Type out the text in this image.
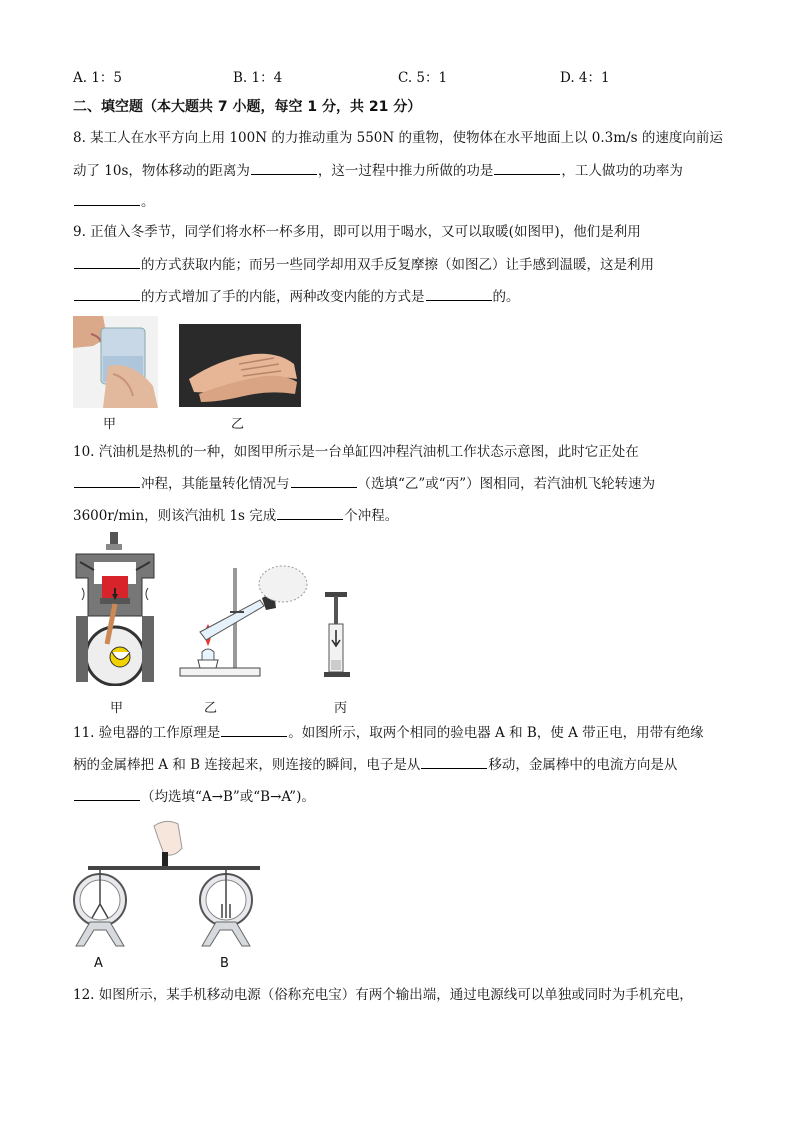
A. 1：5	B. 1：4	C. 5：1	D. 4：1
二、填空题（本大题共 7 小题，每空 1 分，共 21 分）
8. 某工人在水平方向上用 100N 的力推动重为 550N 的重物，使物体在水平地面上以 0.3m/s 的速度向前运
动了 10s，物体移动的距离为	，这一过程中推力所做的功是	，工人做功的功率为
。
9. 正值入冬季节，同学们将水杯一杯多用，即可以用于喝水，又可以取暖(如图甲)，他们是利用
的方式获取内能；而另一些同学却用双手反复摩擦（如图乙）让手感到温暖，这是利用
的方式增加了手的内能，两种改变内能的方式是	的。
甲	乙
10. 汽油机是热机的一种，如图甲所示是一台单缸四冲程汽油机工作状态示意图，此时它正处在
冲程，其能量转化情况与	（选填“乙”或“丙”）图相同，若汽油机飞轮转速为
3600r/min，则该汽油机 1s 完成	个冲程。
甲	乙	丙
11. 验电器的工作原理是	。如图所示，取两个相同的验电器 A 和 B，使 A 带正电，用带有绝缘
柄的金属棒把 A 和 B 连接起来，则连接的瞬间，电子是从	移动，金属棒中的电流方向是从
（均选填“A→B”或“B→A”)。
A	B
12. 如图所示，某手机移动电源（俗称充电宝）有两个输出端，通过电源线可以单独或同时为手机充电，
